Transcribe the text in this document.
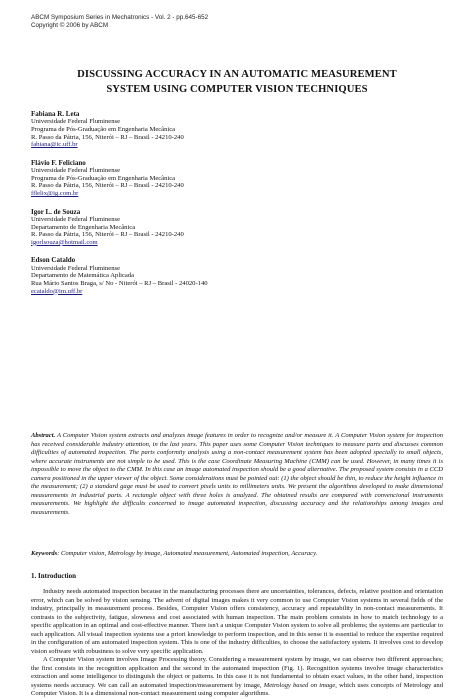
ABCM Symposium Series in Mechatronics - Vol. 2 - pp.645-652
Copyright © 2006 by ABCM
DISCUSSING ACCURACY IN AN AUTOMATIC MEASUREMENT
SYSTEM USING COMPUTER VISION TECHNIQUES
Fabiana R. Leta
Universidade Federal Fluminense
Programa de Pós-Graduação em Engenharia Mecânica
R. Passo da Pátria, 156, Niterói – RJ – Brasil - 24210-240
fabiana@ic.uff.br
Flávio F. Feliciano
Universidade Federal Fluminense
Programa de Pós-Graduação em Engenharia Mecânica
R. Passo da Pátria, 156, Niterói – RJ – Brasil - 24210-240
fflelix@ig.com.br
Igor L. de Souza
Universidade Federal Fluminense
Departamento de Engenharia Mecânica
R. Passo da Pátria, 156, Niterói – RJ – Brasil - 24210-240
igorlsouza@hotmail.com
Edson Cataldo
Universidade Federal Fluminense
Departamento de Matemática Aplicada
Rua Mário Santos Braga, s/ No - Niterói – RJ – Brasil - 24020-140
ecataldo@im.uff.br
Abstract. A Computer Vision system extracts and analyzes image features in order to recognize and/or measure it. A Computer Vision system for inspection has received considerable industry attention, in the last years. This paper uses some Computer Vision techniques to measure parts and discusses common difficulties of automated inspection. The parts conformity analysis using a non-contact measurement system has been adopted specially to small objects, where accurate instruments are not simple to be used. This is the case Coordinate Measuring Machine (CMM) can be used. However, in many times it is impossible to move the object to the CMM. In this case an image automated inspection should be a good alternative. The proposed system consists in a CCD camera positioned in the upper viewer of the object. Some considerations must be pointed out: (1) the object should be thin, to reduce the height influence in the measurement; (2) a standard gage must be used to convert pixels units to millimeters units. We present the algorithms developed to make dimensional measurements in industrial parts. A rectangle object with three holes is analyzed. The obtained results are compared with convencional instruments measurements. We highlight the difficults concerned to image automated inspection, discussing accuracy and the relationships among images and measurements.
Keywords: Computer vision, Metrology by image, Automated measurement, Automated inspection, Accuracy.
1. Introduction

Industry needs automated inspection because in the manufacturing processes there are uncertainties, tolerances, defects, relative position and orientation error, which can be solved by vision sensing. The advent of digital images makes it very common to use Computer Vision systems in several fields of the industry, principally in measurement process. Besides, Computer Vision offers consistency, accuracy and repeatability in non-contact measurements. It contrasts to the subjectivity, fatigue, slowness and cost associated with human inspection. The main problem consists in how to match technology to a specific application in an optimal and cost-effective manner. There isn't a unique Computer Vision system to solve all problems; the systems are particular to each application. All visual inspection systems use a priori knowledge to perform inspection, and in this sense it is essential to reduce the expertise required in the configuration of am automated inspection system. This is one of the industry difficulties, to choose the satisfactory system. It involves cost to develop vision software with robustness to solve very specific application.

A Computer Vision system involves Image Processing theory. Considering a measurement system by image, we can observe two different approaches; the first consists in the recognition application and the second in the automated inspection (Fig. 1). Recognition systems involve image characteristics extraction and some intelligence to distinguish the object or patterns. In this case it is not fundamental to obtain exact values, in the other hand, inspection systems needs accuracy. We can call an automated inspection/measurement by image, Metrology based on image, which uses concepts of Metrology and Computer Vision. It is a dimensional non-contact measurement using computer algorithms.
